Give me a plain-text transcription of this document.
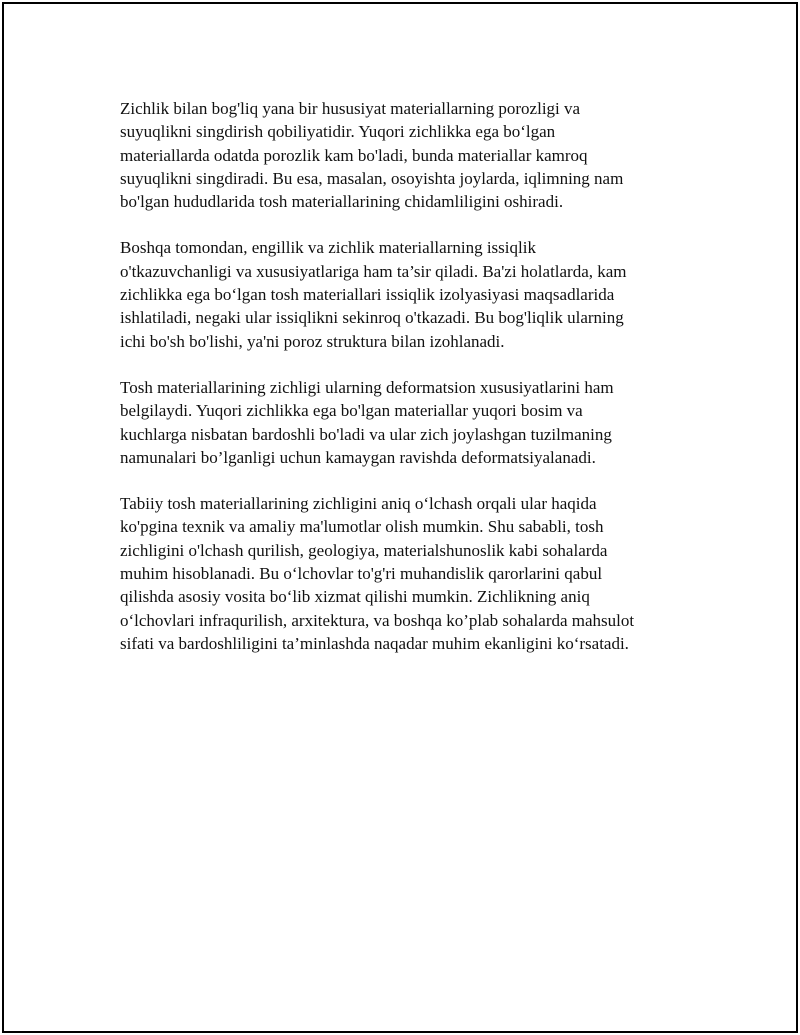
Zichlik bilan bog'liq yana bir hususiyat materiallarning porozligi va
suyuqlikni singdirish qobiliyatidir. Yuqori zichlikka ega bo‘lgan
materiallarda odatda porozlik kam bo'ladi, bunda materiallar kamroq
suyuqlikni singdiradi. Bu esa, masalan, osoyishta joylarda, iqlimning nam
bo'lgan hududlarida tosh materiallarining chidamliligini oshiradi.

Boshqa tomondan, engillik va zichlik materiallarning issiqlik
o'tkazuvchanligi va xususiyatlariga ham ta’sir qiladi. Ba'zi holatlarda, kam
zichlikka ega bo‘lgan tosh materiallari issiqlik izolyasiyasi maqsadlarida
ishlatiladi, negaki ular issiqlikni sekinroq o'tkazadi. Bu bog'liqlik ularning
ichi bo'sh bo'lishi, ya'ni poroz struktura bilan izohlanadi.

Tosh materiallarining zichligi ularning deformatsion xususiyatlarini ham
belgilaydi. Yuqori zichlikka ega bo'lgan materiallar yuqori bosim va
kuchlarga nisbatan bardoshli bo'ladi va ular zich joylashgan tuzilmaning
namunalari bo’lganligi uchun kamaygan ravishda deformatsiyalanadi.

Tabiiy tosh materiallarining zichligini aniq o‘lchash orqali ular haqida
ko'pgina texnik va amaliy ma'lumotlar olish mumkin. Shu sababli, tosh
zichligini o'lchash qurilish, geologiya, materialshunoslik kabi sohalarda
muhim hisoblanadi. Bu o‘lchovlar to'g'ri muhandislik qarorlarini qabul
qilishda asosiy vosita bo‘lib xizmat qilishi mumkin. Zichlikning aniq
o‘lchovlari infraqurilish, arxitektura, va boshqa ko’plab sohalarda mahsulot
sifati va bardoshliligini ta’minlashda naqadar muhim ekanligini ko‘rsatadi.
